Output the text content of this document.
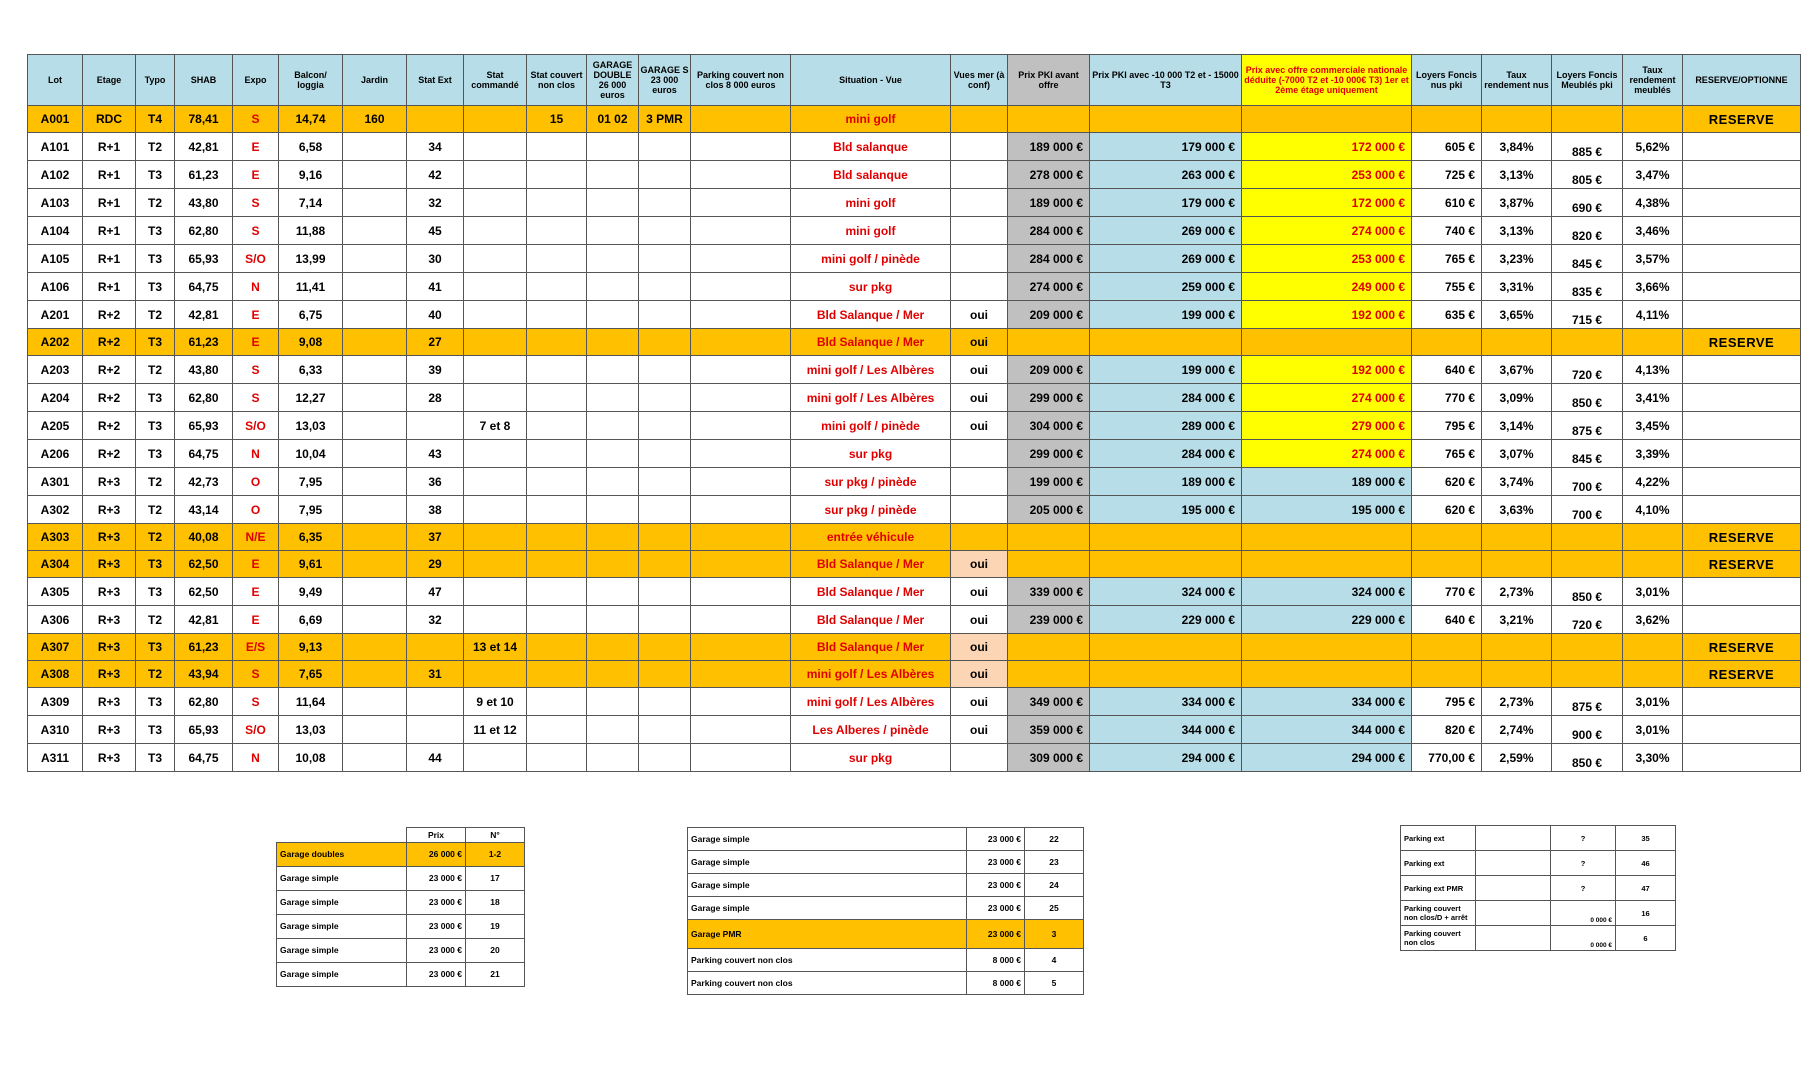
Lot	Etage	Typo	SHAB	Expo	Balcon/ loggia	Jardin	Stat Ext	Stat commandé	Stat couvert non clos	GARAGE DOUBLE 26 000 euros	GARAGE S 23 000 euros	Parking couvert non clos 8 000 euros	Situation - Vue	Vues mer (à conf)	Prix PKI avant offre	Prix PKI avec -10 000 T2 et - 15000 T3	Prix avec offre commerciale nationale déduite (-7000 T2 et -10 000€ T3) 1er et 2ème étage uniquement	Loyers Foncis nus pki	Taux rendement nus	Loyers Foncis Meublés pki	Taux rendement meublés	RESERVE/OPTIONNE
A001	RDC	T4	78,41	S	14,74	160			15	01 02	3 PMR		mini golf									RESERVE
A101	R+1	T2	42,81	E	6,58		34						Bld salanque		189 000 €	179 000 €	172 000 €	605 €	3,84%	885 €	5,62%	
A102	R+1	T3	61,23	E	9,16		42						Bld salanque		278 000 €	263 000 €	253 000 €	725 €	3,13%	805 €	3,47%	
A103	R+1	T2	43,80	S	7,14		32						mini golf		189 000 €	179 000 €	172 000 €	610 €	3,87%	690 €	4,38%	
A104	R+1	T3	62,80	S	11,88		45						mini golf		284 000 €	269 000 €	274 000 €	740 €	3,13%	820 €	3,46%	
A105	R+1	T3	65,93	S/O	13,99		30						mini golf / pinède		284 000 €	269 000 €	253 000 €	765 €	3,23%	845 €	3,57%	
A106	R+1	T3	64,75	N	11,41		41						sur pkg		274 000 €	259 000 €	249 000 €	755 €	3,31%	835 €	3,66%	
A201	R+2	T2	42,81	E	6,75		40						Bld Salanque / Mer	oui	209 000 €	199 000 €	192 000 €	635 €	3,65%	715 €	4,11%	
A202	R+2	T3	61,23	E	9,08		27						Bld Salanque / Mer	oui								RESERVE
A203	R+2	T2	43,80	S	6,33		39						mini golf / Les Albères	oui	209 000 €	199 000 €	192 000 €	640 €	3,67%	720 €	4,13%	
A204	R+2	T3	62,80	S	12,27		28						mini golf / Les Albères	oui	299 000 €	284 000 €	274 000 €	770 €	3,09%	850 €	3,41%	
A205	R+2	T3	65,93	S/O	13,03			7 et 8					mini golf / pinède	oui	304 000 €	289 000 €	279 000 €	795 €	3,14%	875 €	3,45%	
A206	R+2	T3	64,75	N	10,04		43						sur pkg		299 000 €	284 000 €	274 000 €	765 €	3,07%	845 €	3,39%	
A301	R+3	T2	42,73	O	7,95		36						sur pkg / pinède		199 000 €	189 000 €	189 000 €	620 €	3,74%	700 €	4,22%	
A302	R+3	T2	43,14	O	7,95		38						sur pkg / pinède		205 000 €	195 000 €	195 000 €	620 €	3,63%	700 €	4,10%	
A303	R+3	T2	40,08	N/E	6,35		37						entrée véhicule									RESERVE
A304	R+3	T3	62,50	E	9,61		29						Bld Salanque / Mer	oui								RESERVE
A305	R+3	T3	62,50	E	9,49		47						Bld Salanque / Mer	oui	339 000 €	324 000 €	324 000 €	770 €	2,73%	850 €	3,01%	
A306	R+3	T2	42,81	E	6,69		32						Bld Salanque / Mer	oui	239 000 €	229 000 €	229 000 €	640 €	3,21%	720 €	3,62%	
A307	R+3	T3	61,23	E/S	9,13			13 et 14					Bld Salanque / Mer	oui								RESERVE
A308	R+3	T2	43,94	S	7,65		31						mini golf / Les Albères	oui								RESERVE
A309	R+3	T3	62,80	S	11,64			9 et 10					mini golf / Les Albères	oui	349 000 €	334 000 €	334 000 €	795 €	2,73%	875 €	3,01%	
A310	R+3	T3	65,93	S/O	13,03			11 et 12					Les Alberes / pinède	oui	359 000 €	344 000 €	344 000 €	820 €	2,74%	900 €	3,01%	
A311	R+3	T3	64,75	N	10,08		44						sur pkg		309 000 €	294 000 €	294 000 €	770,00 €	2,59%	850 €	3,30%	
	Prix	N°
Garage doubles	26 000 €	1-2
Garage simple	23 000 €	17
Garage simple	23 000 €	18
Garage simple	23 000 €	19
Garage simple	23 000 €	20
Garage simple	23 000 €	21
Garage simple	23 000 €	22
Garage simple	23 000 €	23
Garage simple	23 000 €	24
Garage simple	23 000 €	25
Garage PMR	23 000 €	3
Parking couvert non clos	8 000 €	4
Parking couvert non clos	8 000 €	5
Parking ext		?	35
Parking ext		?	46
Parking ext PMR		?	47
Parking couvert non clos/D + arrêt		0 000 €	16
Parking couvert non clos		0 000 €	6
